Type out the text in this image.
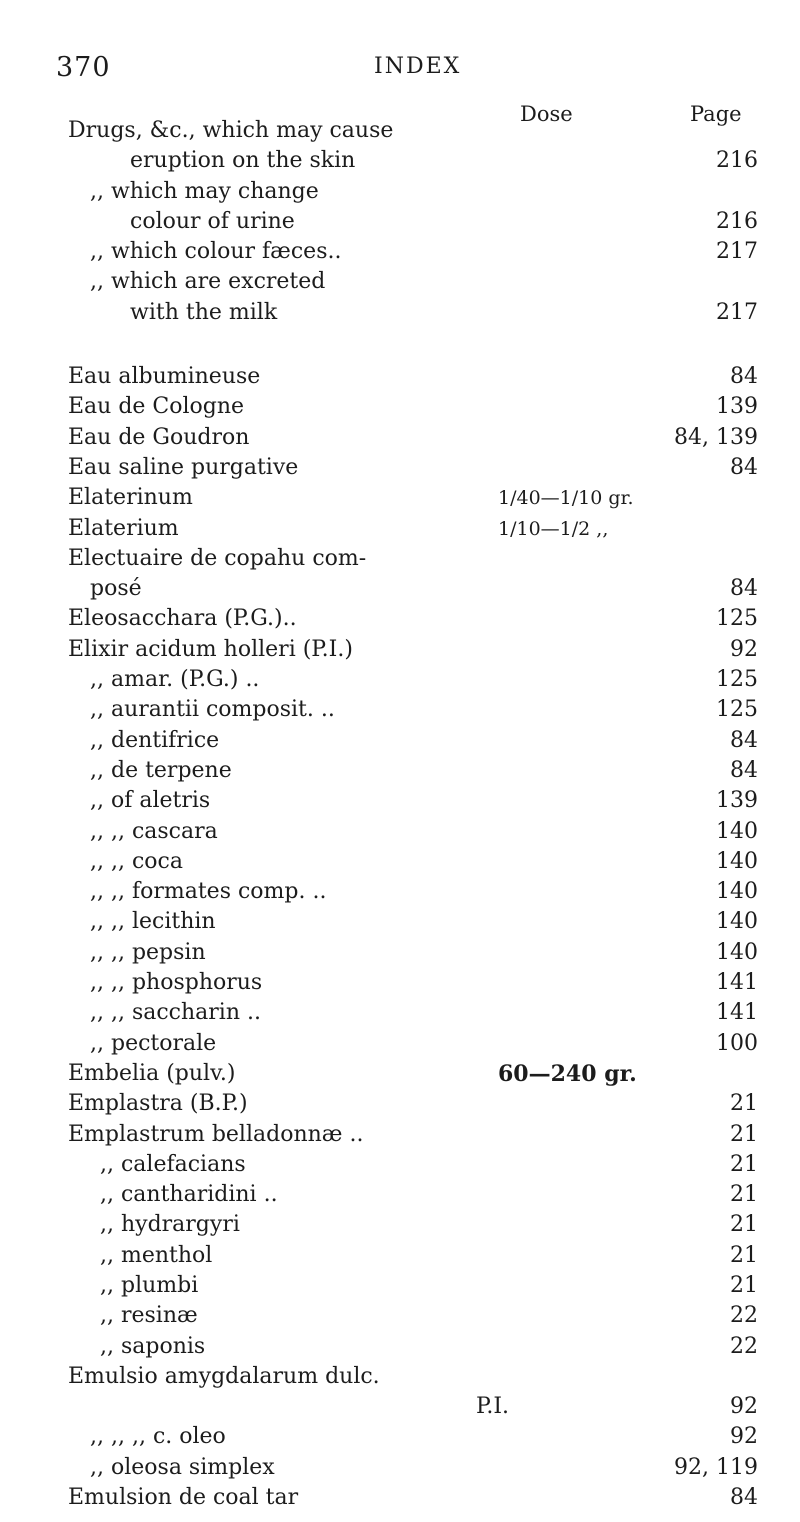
370	INDEX
Dose	Page
Drugs, &c., which may cause
eruption on the skin	216
,, which may change
colour of urine	216
,, which colour fæces..	217
,, which are excreted
with the milk	217
Eau albumineuse	84
Eau de Cologne	139
Eau de Goudron	84, 139
Eau saline purgative	84
Elaterinum	1/40—1/10 gr.
Elaterium	1/10—1/2 ,,
Electuaire de copahu com-
posé	84
Eleosaccharа (P.G.)..	125
Elixir acidum holleri (P.I.)	92
,, amar. (P.G.) ..	125
,, aurantii composit. ..	125
,, dentifrice	84
,, de terpene	84
,, of aletris	139
,, ,, cascara	140
,, ,, coca	140
,, ,, formates comp. ..	140
,, ,, lecithin	140
,, ,, pepsin	140
,, ,, phosphorus	141
,, ,, saccharin ..	141
,, pectorale	100
Embelia (pulv.)	60—240 gr.
Emplastra (B.P.)	21
Emplastrum belladonnæ ..	21
,, calefacians	21
,, cantharidini ..	21
,, hydrargyri	21
,, menthol	21
,, plumbi	21
,, resinæ	22
,, saponis	22
Emulsio amygdalarum dulc.
P.I.	92
,, ,, ,, c. oleo	92
,, oleosa simplex	92, 119
Emulsion de coal tar	84
